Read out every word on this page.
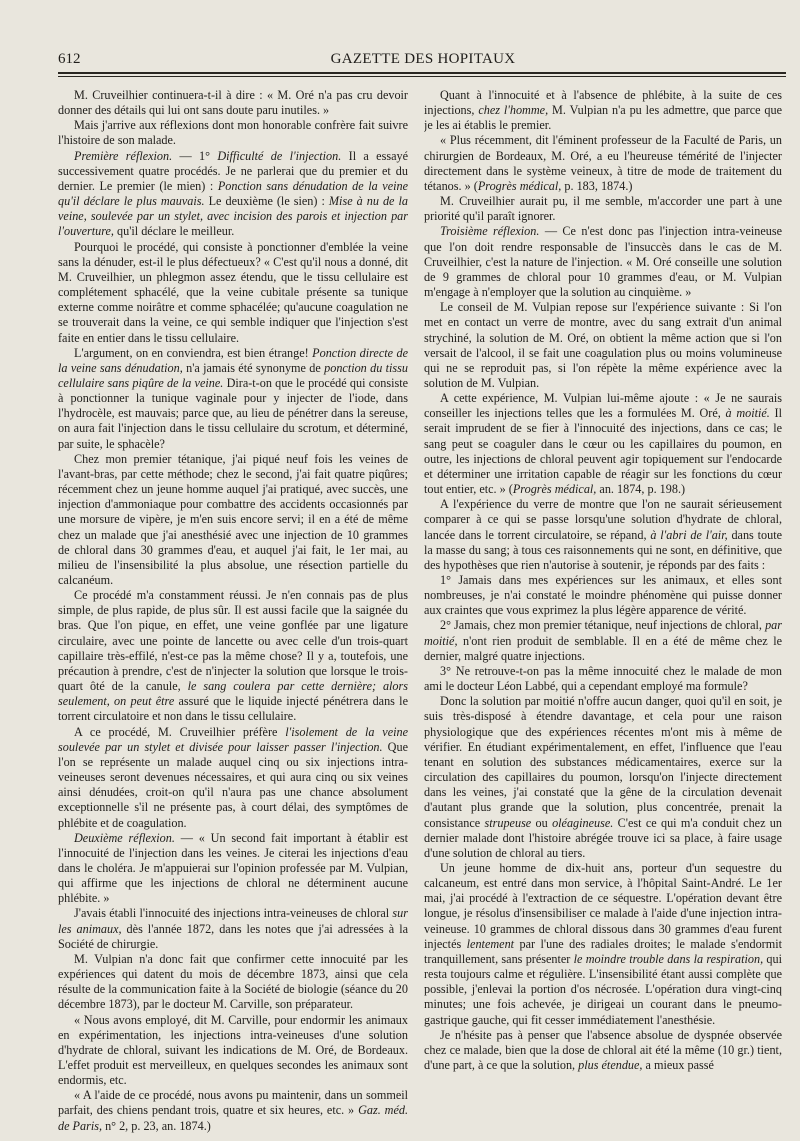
612	GAZETTE DES HOPITAUX

M. Cruveilhier continuera-t-il à dire : « M. Oré n'a pas cru devoir donner des détails qui lui ont sans doute paru inutiles. »

Mais j'arrive aux réflexions dont mon honorable confrère fait suivre l'histoire de son malade.

Première réflexion. — 1° Difficulté de l'injection. Il a essayé successivement quatre procédés. Je ne parlerai que du premier et du dernier. Le premier (le mien) : Ponction sans dénudation de la veine qu'il déclare le plus mauvais. Le deuxième (le sien) : Mise à nu de la veine, soulevée par un stylet, avec incision des parois et injection par l'ouverture, qu'il déclare le meilleur.

Pourquoi le procédé, qui consiste à ponctionner d'emblée la veine sans la dénuder, est-il le plus défectueux? « C'est qu'il nous a donné, dit M. Cruveilhier, un phlegmon assez étendu, que le tissu cellulaire est complétement sphacélé, que la veine cubitale présente sa tunique externe comme noirâtre et comme sphacélée; qu'aucune coagulation ne se trouverait dans la veine, ce qui semble indiquer que l'injection s'est faite en entier dans le tissu cellulaire.

L'argument, on en conviendra, est bien étrange! Ponction directe de la veine sans dénudation, n'a jamais été synonyme de ponction du tissu cellulaire sans piqûre de la veine. Dira-t-on que le procédé qui consiste à ponctionner la tunique vaginale pour y injecter de l'iode, dans l'hydrocèle, est mauvais; parce que, au lieu de pénétrer dans la sereuse, on aura fait l'injection dans le tissu cellulaire du scrotum, et déterminé, par suite, le sphacèle?

Chez mon premier tétanique, j'ai piqué neuf fois les veines de l'avant-bras, par cette méthode; chez le second, j'ai fait quatre piqûres; récemment chez un jeune homme auquel j'ai pratiqué, avec succès, une injection d'ammoniaque pour combattre des accidents occasionnés par une morsure de vipère, je m'en suis encore servi; il en a été de même chez un malade que j'ai anesthésié avec une injection de 10 grammes de chloral dans 30 grammes d'eau, et auquel j'ai fait, le 1er mai, au milieu de l'insensibilité la plus absolue, une résection partielle du calcanéum.

Ce procédé m'a constamment réussi. Je n'en connais pas de plus simple, de plus rapide, de plus sûr. Il est aussi facile que la saignée du bras. Que l'on pique, en effet, une veine gonflée par une ligature circulaire, avec une pointe de lancette ou avec celle d'un trois-quart capillaire très-effilé, n'est-ce pas la même chose? Il y a, toutefois, une précaution à prendre, c'est de n'injecter la solution que lorsque le trois-quart ôté de la canule, le sang coulera par cette dernière; alors seulement, on peut être assuré que le liquide injecté pénétrera dans le torrent circulatoire et non dans le tissu cellulaire.

A ce procédé, M. Cruveilhier préfère l'isolement de la veine soulevée par un stylet et divisée pour laisser passer l'injection. Que l'on se représente un malade auquel cinq ou six injections intra-veineuses seront devenues nécessaires, et qui aura cinq ou six veines ainsi dénudées, croit-on qu'il n'aura pas une chance absolument exceptionnelle s'il ne présente pas, à court délai, des symptômes de phlébite et de coagulation.

Deuxième réflexion. — « Un second fait important à établir est l'innocuité de l'injection dans les veines. Je citerai les injections d'eau dans le choléra. Je m'appuierai sur l'opinion professée par M. Vulpian, qui affirme que les injections de chloral ne déterminent aucune phlébite. »

J'avais établi l'innocuité des injections intra-veineuses de chloral sur les animaux, dès l'année 1872, dans les notes que j'ai adressées à la Société de chirurgie.

M. Vulpian n'a donc fait que confirmer cette innocuité par les expériences qui datent du mois de décembre 1873, ainsi que cela résulte de la communication faite à la Société de biologie (séance du 20 décembre 1873), par le docteur M. Carville, son préparateur.

« Nous avons employé, dit M. Carville, pour endormir les animaux en expérimentation, les injections intra-veineuses d'une solution d'hydrate de chloral, suivant les indications de M. Oré, de Bordeaux. L'effet produit est merveilleux, en quelques secondes les animaux sont endormis, etc.

« A l'aide de ce procédé, nous avons pu maintenir, dans un sommeil parfait, des chiens pendant trois, quatre et six heures, etc. » Gaz. méd. de Paris, n° 2, p. 23, an. 1874.)

Quant à l'innocuité et à l'absence de phlébite, à la suite de ces injections, chez l'homme, M. Vulpian n'a pu les admettre, que parce que je les ai établis le premier.

« Plus récemment, dit l'éminent professeur de la Faculté de Paris, un chirurgien de Bordeaux, M. Oré, a eu l'heureuse témérité de l'injecter directement dans le système veineux, à titre de mode de traitement du tétanos. » (Progrès médical, p. 183, 1874.)

M. Cruveilhier aurait pu, il me semble, m'accorder une part à une priorité qu'il paraît ignorer.

Troisième réflexion. — Ce n'est donc pas l'injection intra-veineuse que l'on doit rendre responsable de l'insuccès dans le cas de M. Cruveilhier, c'est la nature de l'injection. « M. Oré conseille une solution de 9 grammes de chloral pour 10 grammes d'eau, or M. Vulpian m'engage à n'employer que la solution au cinquième. »

Le conseil de M. Vulpian repose sur l'expérience suivante : Si l'on met en contact un verre de montre, avec du sang extrait d'un animal strychiné, la solution de M. Oré, on obtient la même action que si l'on versait de l'alcool, il se fait une coagulation plus ou moins volumineuse qui ne se reproduit pas, si l'on répète la même expérience avec la solution de M. Vulpian.

A cette expérience, M. Vulpian lui-même ajoute : « Je ne saurais conseiller les injections telles que les a formulées M. Oré, à moitié. Il serait imprudent de se fier à l'innocuité des injections, dans ce cas; le sang peut se coaguler dans le cœur ou les capillaires du poumon, en outre, les injections de chloral peuvent agir topiquement sur l'endocarde et déterminer une irritation capable de réagir sur les fonctions du cœur tout entier, etc. » (Progrès médical, an. 1874, p. 198.)

A l'expérience du verre de montre que l'on ne saurait sérieusement comparer à ce qui se passe lorsqu'une solution d'hydrate de chloral, lancée dans le torrent circulatoire, se répand, à l'abri de l'air, dans toute la masse du sang; à tous ces raisonnements qui ne sont, en définitive, que des hypothèses que rien n'autorise à soutenir, je réponds par des faits :

1° Jamais dans mes expériences sur les animaux, et elles sont nombreuses, je n'ai constaté le moindre phénomène qui puisse donner aux craintes que vous exprimez la plus légère apparence de vérité.

2° Jamais, chez mon premier tétanique, neuf injections de chloral, par moitié, n'ont rien produit de semblable. Il en a été de même chez le dernier, malgré quatre injections.

3° Ne retrouve-t-on pas la même innocuité chez le malade de mon ami le docteur Léon Labbé, qui a cependant employé ma formule?

Donc la solution par moitié n'offre aucun danger, quoi qu'il en soit, je suis très-disposé à étendre davantage, et cela pour une raison physiologique que des expériences récentes m'ont mis à même de vérifier. En étudiant expérimentalement, en effet, l'influence que l'eau tenant en solution des substances médicamentaires, exerce sur la circulation des capillaires du poumon, lorsqu'on l'injecte directement dans les veines, j'ai constaté que la gêne de la circulation devenait d'autant plus grande que la solution, plus concentrée, prenait la consistance strupeuse ou oléagineuse. C'est ce qui m'a conduit chez un dernier malade dont l'histoire abrégée trouve ici sa place, à faire usage d'une solution de chloral au tiers.

Un jeune homme de dix-huit ans, porteur d'un sequestre du calcaneum, est entré dans mon service, à l'hôpital Saint-André. Le 1er mai, j'ai procédé à l'extraction de ce séquestre. L'opération devant être longue, je résolus d'insensibiliser ce malade à l'aide d'une injection intra-veineuse. 10 grammes de chloral dissous dans 30 grammes d'eau furent injectés lentement par l'une des radiales droites; le malade s'endormit tranquillement, sans présenter le moindre trouble dans la respiration, qui resta toujours calme et régulière. L'insensibilité étant aussi complète que possible, j'enlevai la portion d'os nécrosée. L'opération dura vingt-cinq minutes; une fois achevée, je dirigeai un courant dans le pneumo-gastrique gauche, qui fit cesser immédiatement l'anesthésie.

Je n'hésite pas à penser que l'absence absolue de dyspnée observée chez ce malade, bien que la dose de chloral ait été la même (10 gr.) tient, d'une part, à ce que la solution, plus étendue, a mieux passé
